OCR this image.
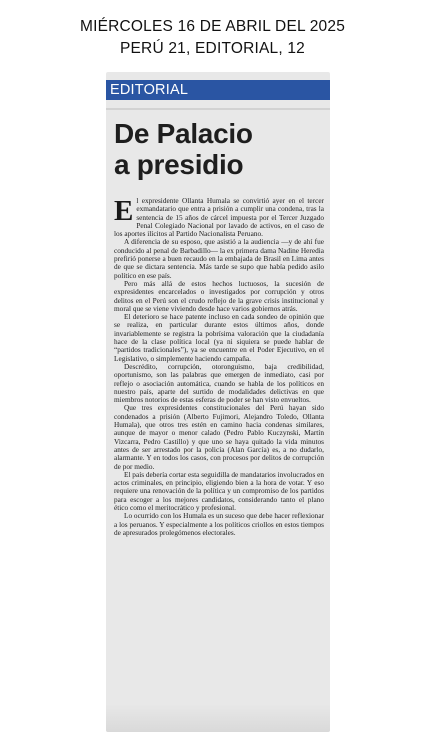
MIÉRCOLES 16 DE ABRIL DEL 2025
PERÚ 21, EDITORIAL, 12
EDITORIAL
De Palacio
a presidio

El expresidente Ollanta Humala se convirtió ayer en el tercer exmandatario que entra a prisión a cumplir una condena, tras la sentencia de 15 años de cárcel impuesta por el Tercer Juzgado Penal Colegiado Nacional por lavado de activos, en el caso de los aportes ilícitos al Partido Nacionalista Peruano.

A diferencia de su esposo, que asistió a la audiencia —y de ahí fue conducido al penal de Barbadillo— la ex primera dama Nadine Heredia prefirió ponerse a buen recaudo en la embajada de Brasil en Lima antes de que se dictara sentencia. Más tarde se supo que había pedido asilo político en ese país.

Pero más allá de estos hechos luctuosos, la sucesión de expresidentes encarcelados o investigados por corrupción y otros delitos en el Perú son el crudo reflejo de la grave crisis institucional y moral que se viene viviendo desde hace varios gobiernos atrás.

El deterioro se hace patente incluso en cada sondeo de opinión que se realiza, en particular durante estos últimos años, donde invariablemente se registra la pobrísima valoración que la ciudadanía hace de la clase política local (ya ni siquiera se puede hablar de “partidos tradicionales”), ya se encuentre en el Poder Ejecutivo, en el Legislativo, o simplemente haciendo campaña.

Descrédito, corrupción, otoronguismo, baja credibilidad, oportunismo, son las palabras que emergen de inmediato, casi por reflejo o asociación automática, cuando se habla de los políticos en nuestro país, aparte del surtido de modalidades delictivas en que miembros notorios de estas esferas de poder se han visto envueltos.

Que tres expresidentes constitucionales del Perú hayan sido condenados a prisión (Alberto Fujimori, Alejandro Toledo, Ollanta Humala), que otros tres estén en camino hacia condenas similares, aunque de mayor o menor calado (Pedro Pablo Kuczynski, Martín Vizcarra, Pedro Castillo) y que uno se haya quitado la vida minutos antes de ser arrestado por la policía (Alan García) es, a no dudarlo, alarmante. Y en todos los casos, con procesos por delitos de corrupción de por medio.

El país debería cortar esta seguidilla de mandatarios involucrados en actos criminales, en principio, eligiendo bien a la hora de votar. Y eso requiere una renovación de la política y un compromiso de los partidos para escoger a los mejores candidatos, considerando tanto el plano ético como el meritocrático y profesional.

Lo ocurrido con los Humala es un suceso que debe hacer reflexionar a los peruanos. Y especialmente a los políticos criollos en estos tiempos de apresurados prolegómenos electorales.
